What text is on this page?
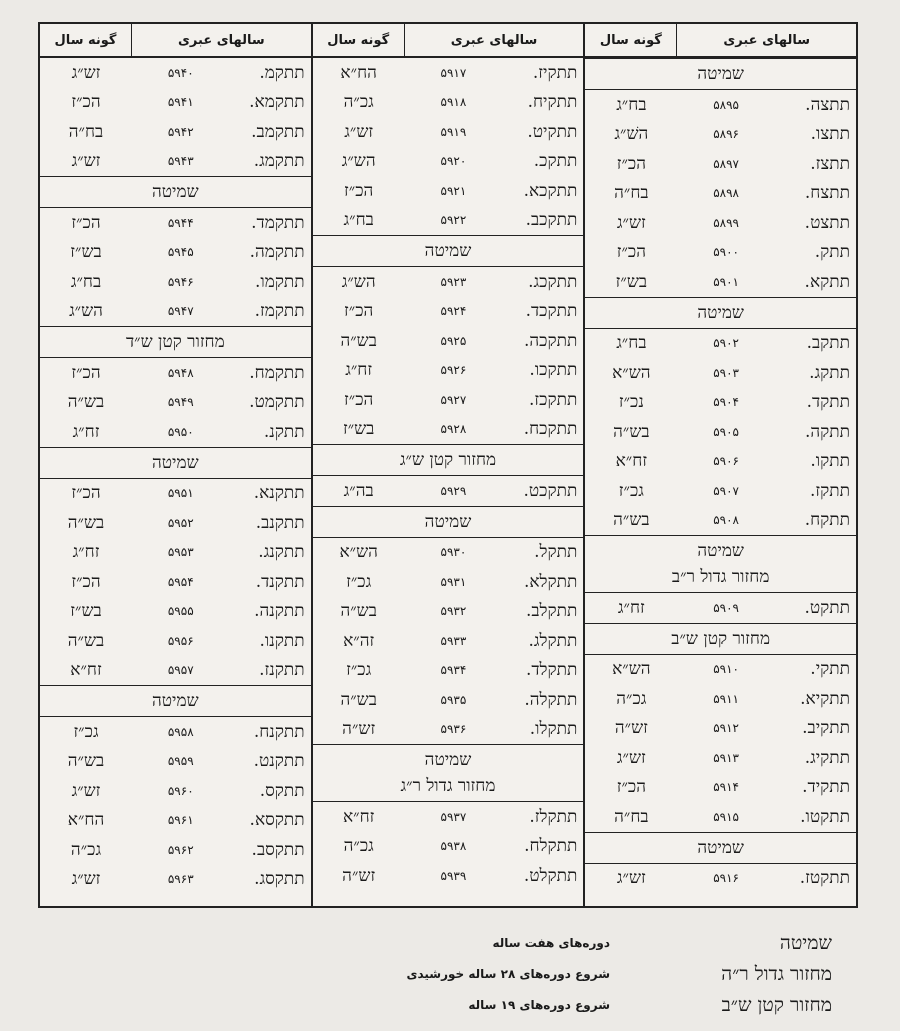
سالهای عبری
گونه سال
שמיטה
תתצה.
۵۸۹۵
בח״ג
תתצו.
۵۸۹۶
השׁ״ג
תתצז.
۵۸۹۷
הכ״ז
תתצח.
۵۸۹۸
בח״ה
תתצט.
۵۸۹۹
זש״ג
תתק.
۵۹۰۰
הכ״ז
תתקא.
۵۹۰۱
בש״ז
שמיטה
תתקב.
۵۹۰۲
בח״ג
תתקג.
۵۹۰۳
הש״א
תתקד.
۵۹۰۴
נכ״ז
תתקה.
۵۹۰۵
בש״ה
תתקו.
۵۹۰۶
זח״א
תתקז.
۵۹۰۷
גכ״ז
תתקח.
۵۹۰۸
בש״ה
שמיטה
מחזור גדול ר״ב
תתקט.
۵۹۰۹
זח״ג
מחזור קטן ש״ב
תתקי.
۵۹۱۰
הש״א
תתקיא.
۵۹۱۱
גכ״ה
תתקיב.
۵۹۱۲
זש״ה
תתקיג.
۵۹۱۳
זש״ג
תתקיד.
۵۹۱۴
הכ״ז
תתקטו.
۵۹۱۵
בח״ה
שמיטה
תתקטז.
۵۹۱۶
זש״ג
سالهای عبری
گونه سال
תתקיז.
۵۹۱۷
הח״א
תתקיח.
۵۹۱۸
גכ״ה
תתקיט.
۵۹۱۹
זש״ג
תתקכ.
۵۹۲۰
הש״ג
תתקכא.
۵۹۲۱
הכ״ז
תתקכב.
۵۹۲۲
בח״ג
שמיטה
תתקכג.
۵۹۲۳
הש״ג
תתקכד.
۵۹۲۴
הכ״ז
תתקכה.
۵۹۲۵
בש״ה
תתקכו.
۵۹۲۶
זח״ג
תתקכז.
۵۹۲۷
הכ״ז
תתקכח.
۵۹۲۸
בש״ז
מחזור קטן ש״ג
תתקכט.
۵۹۲۹
בה״ג
שמיטה
תתקל.
۵۹۳۰
הש״א
תתקלא.
۵۹۳۱
גכ״ז
תתקלב.
۵۹۳۲
בש״ה
תתקלג.
۵۹۳۳
זה״א
תתקלד.
۵۹۳۴
גכ״ז
תתקלה.
۵۹۳۵
בש״ה
תתקלו.
۵۹۳۶
זש״ה
שמיטה
מחזור גדול ר״ג
תתקלז.
۵۹۳۷
זח״א
תתקלח.
۵۹۳۸
גכ״ה
תתקלט.
۵۹۳۹
זש״ה
سالهای عبری
گونه سال
תתקמ.
۵۹۴۰
זש״ג
תתקמא.
۵۹۴۱
הכ״ז
תתקמב.
۵۹۴۲
בח״ה
תתקמג.
۵۹۴۳
זש״ג
שמיטה
תתקמד.
۵۹۴۴
הכ״ז
תתקמה.
۵۹۴۵
בש״ז
תתקמו.
۵۹۴۶
בח״ג
תתקמז.
۵۹۴۷
הש״ג
מחזור קטן ש״ד
תתקמח.
۵۹۴۸
הכ״ז
תתקמט.
۵۹۴۹
בש״ה
תתקנ.
۵۹۵۰
זח״ג
שמיטה
תתקנא.
۵۹۵۱
הכ״ז
תתקנב.
۵۹۵۲
בש״ה
תתקנג.
۵۹۵۳
זח״ג
תתקנד.
۵۹۵۴
הכ״ז
תתקנה.
۵۹۵۵
בש״ז
תתקנו.
۵۹۵۶
בש״ה
תתקנז.
۵۹۵۷
זח״א
שמיטה
תתקנח.
۵۹۵۸
גכ״ז
תתקנט.
۵۹۵۹
בש״ה
תתקס.
۵۹۶۰
זש״ג
תתקסא.
۵۹۶۱
הח״א
תתקסב.
۵۹۶۲
גכ״ה
תתקסג.
۵۹۶۳
זש״ג
שמיטה
دوره‌های هفت ساله
מחזור גדול ר״ה
شروع دوره‌های ۲۸ ساله خورشیدی
מחזור קטן ש״ב
شروع دوره‌های ۱۹ ساله
